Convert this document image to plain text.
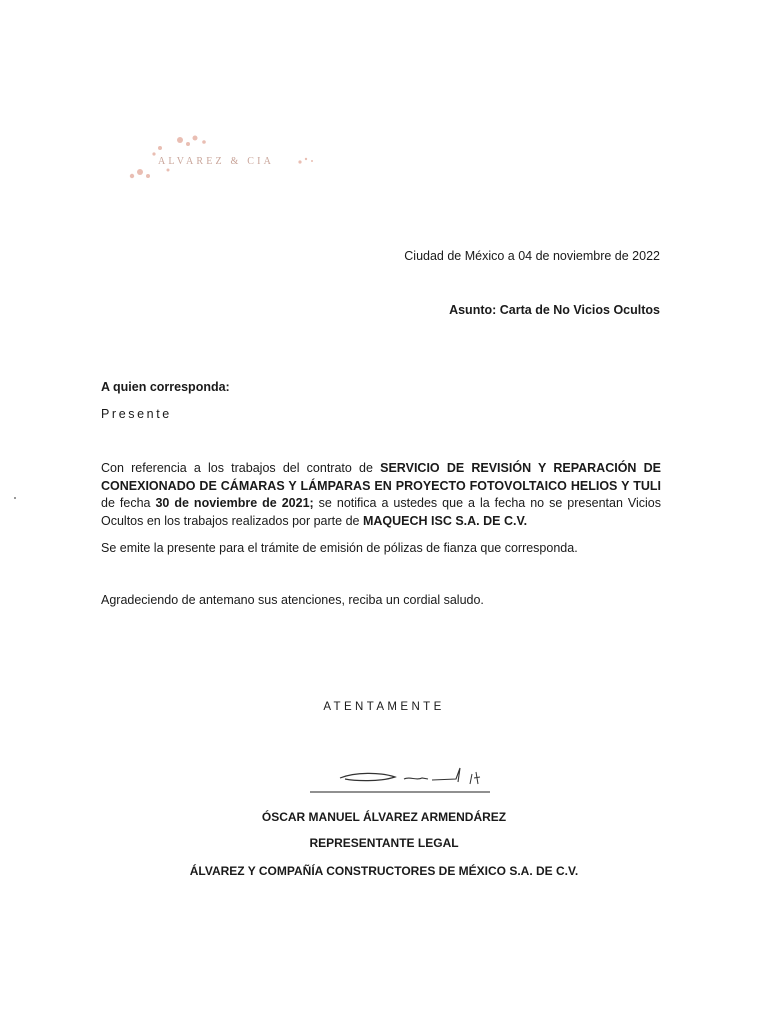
ALVAREZ & CIA
Ciudad de México a 04 de noviembre de 2022
Asunto: Carta de No Vicios Ocultos
A quien corresponda:
Presente
Con referencia a los trabajos del contrato de SERVICIO DE REVISIÓN Y REPARACIÓN DE CONEXIONADO DE CÁMARAS Y LÁMPARAS EN PROYECTO FOTOVOLTAICO HELIOS Y TULI de fecha 30 de noviembre de 2021; se notifica a ustedes que a la fecha no se presentan Vicios Ocultos en los trabajos realizados por parte de MAQUECH ISC S.A. DE C.V.
Se emite la presente para el trámite de emisión de pólizas de fianza que corresponda.
Agradeciendo de antemano sus atenciones, reciba un cordial saludo.
ATENTAMENTE
ÓSCAR MANUEL ÁLVAREZ ARMENDÁREZ
REPRESENTANTE LEGAL
ÁLVAREZ Y COMPAÑÍA CONSTRUCTORES DE MÉXICO S.A. DE C.V.
